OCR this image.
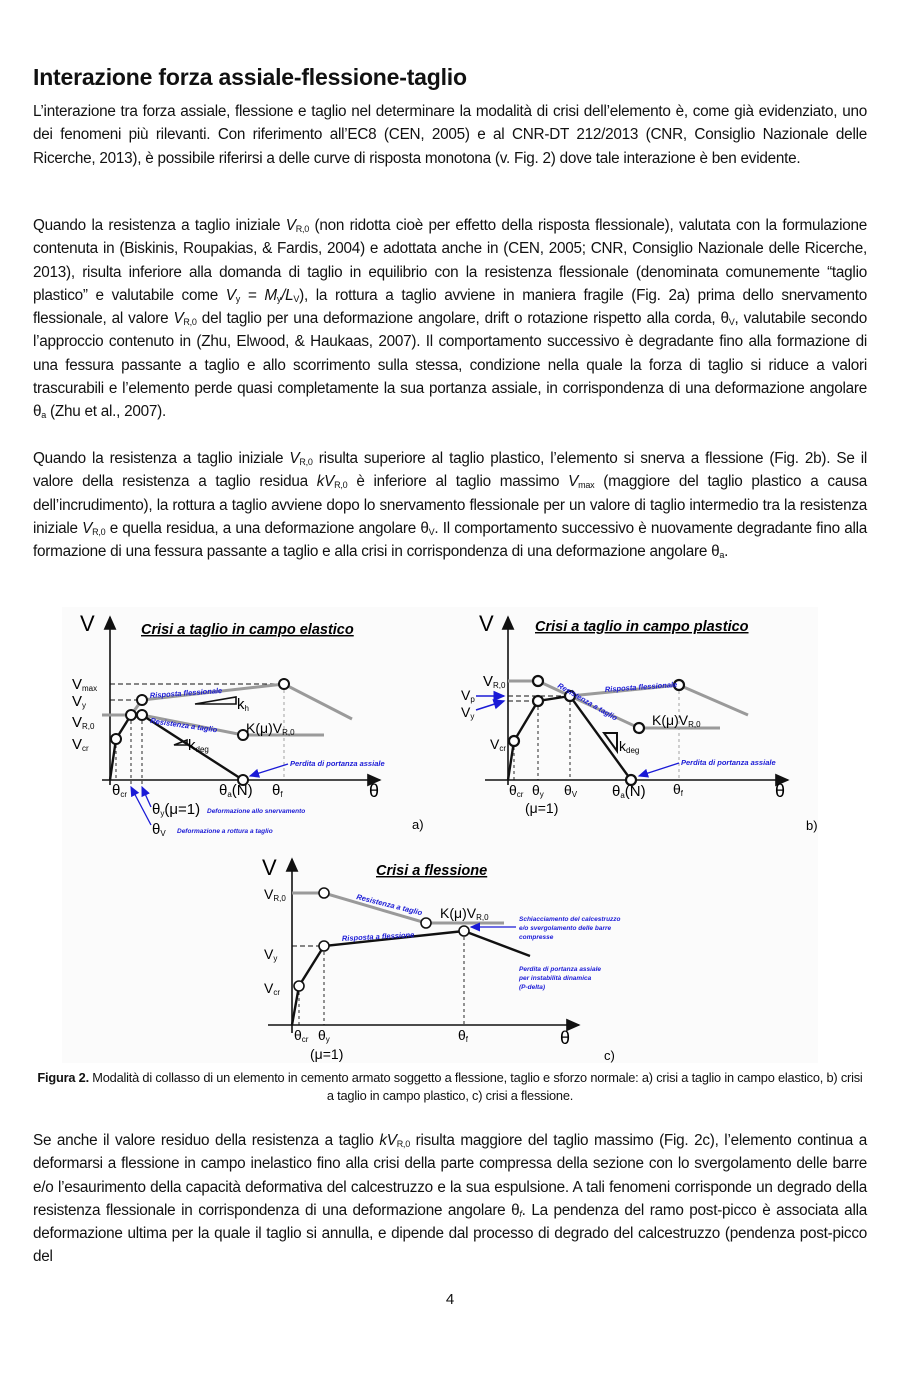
Interazione forza assiale-flessione-taglio

L’interazione tra forza assiale, flessione e taglio nel determinare la modalità di crisi dell’elemento è, come già evidenziato, uno dei fenomeni più rilevanti. Con riferimento all’EC8 (CEN, 2005) e al CNR-DT 212/2013 (CNR, Consiglio Nazionale delle Ricerche, 2013), è possibile riferirsi a delle curve di risposta monotona (v. Fig. 2) dove tale interazione è ben evidente.

Quando la resistenza a taglio iniziale $V_{R,0}$ (non ridotta cioè per effetto della risposta flessionale), valutata con la formulazione contenuta in (Biskinis, Roupakias, & Fardis, 2004) e adottata anche in (CEN, 2005; CNR, Consiglio Nazionale delle Ricerche, 2013), risulta inferiore alla domanda di taglio in equilibrio con la resistenza flessionale (denominata comunemente “taglio plastico” e valutabile come $V_y = M_y/L_V$), la rottura a taglio avviene in maniera fragile (Fig. 2a) prima dello snervamento flessionale, al valore $V_{R,0}$ del taglio per una deformazione angolare, drift o rotazione rispetto alla corda, $\theta_V$, valutabile secondo l’approccio contenuto in (Zhu, Elwood, & Haukaas, 2007). Il comportamento successivo è degradante fino alla formazione di una fessura passante a taglio e allo scorrimento sulla stessa, condizione nella quale la forza di taglio si riduce a valori trascurabili e l’elemento perde quasi completamente la sua portanza assiale, in corrispondenza di una deformazione angolare $\theta_a$ (Zhu et al., 2007).

Quando la resistenza a taglio iniziale $V_{R,0}$ risulta superiore al taglio plastico, l’elemento si snerva a flessione (Fig. 2b). Se il valore della resistenza a taglio residua $kV_{R,0}$ è inferiore al taglio massimo $V_{max}$ (maggiore del taglio plastico a causa dell’incrudimento), la rottura a taglio avviene dopo lo snervamento flessionale per un valore di taglio intermedio tra la resistenza iniziale $V_{R,0}$ e quella residua, a una deformazione angolare $\theta_V$. Il comportamento successivo è nuovamente degradante fino alla formazione di una fessura passante a taglio e alla crisi in corrispondenza di una deformazione angolare $\theta_a$.

Figura 2. Modalità di collasso di un elemento in cemento armato soggetto a flessione, taglio e sforzo normale: a) crisi a taglio in campo elastico, b) crisi a taglio in campo plastico, c) crisi a flessione.

Se anche il valore residuo della resistenza a taglio $kV_{R,0}$ risulta maggiore del taglio massimo (Fig. 2c), l’elemento continua a deformarsi a flessione in campo inelastico fino alla crisi della parte compressa della sezione con lo svergolamento delle barre e/o l’esaurimento della capacità deformativa del calcestruzzo e la sua espulsione. A tali fenomeni corrisponde un degrado della resistenza flessionale in corrispondenza di una deformazione angolare $\theta_f$. La pendenza del ramo post-picco è associata alla deformazione ultima per la quale il taglio si annulla, e dipende dal processo di degrado del calcestruzzo (pendenza post-picco del

4
V
θ
Crisi a taglio in campo elastico
Vmax
Vy
VR,0
Vcr
kh
kdeg
Risposta flessionale
Resistenza a taglio K(μ)VR,0
Perdita di portanza assiale
θcr	θa(N) θf
θy(μ=1) Deformazione allo snervamento
θV Deformazione a rottura a taglio	a)
V
θ
Crisi a taglio in campo plastico
VR,0
Vp
Vy
Vcr	kdeg
Risposta flessionale
Resistenza a taglio K(μ)VR,0
Perdita di portanza assiale
θcr θy θV θa(N) θf
(μ=1)
b)
V
θ
Crisi a flessione
VR,0
Vy
Vcr
Resistenza a taglio
Risposta a flessione
K(μ)VR,0	Schiacciamento del calcestruzzo
e/o svergolamento delle barre
compresse
Perdita di portanza assiale
per instabilità dinamica
(P-delta)
θcr θy	θf
(μ=1)	c)
